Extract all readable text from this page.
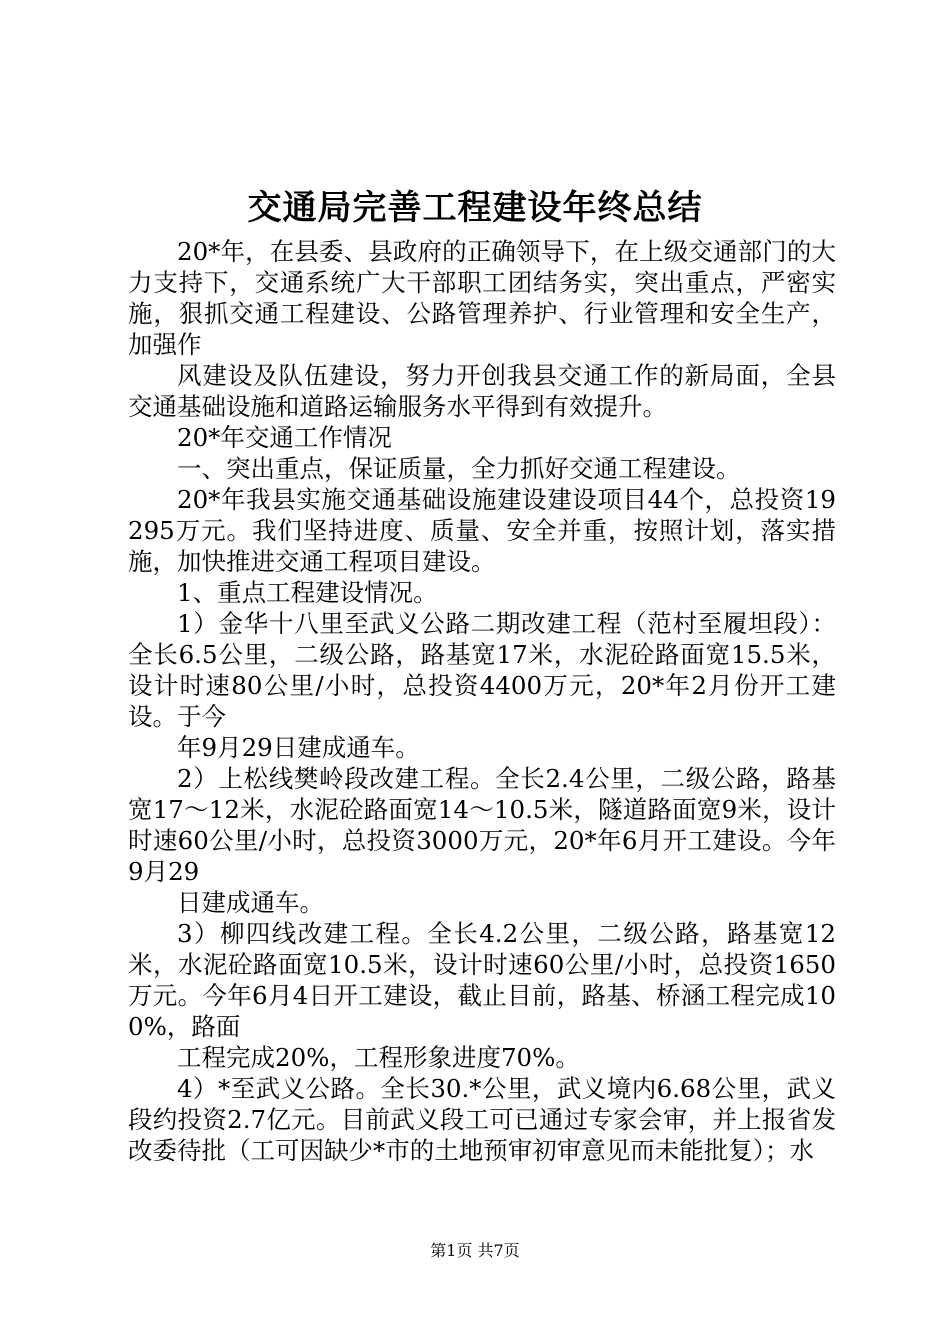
交通局完善工程建设年终总结

20*年，在县委、县政府的正确领导下，在上级交通部门的大力支持下，交通系统广大干部职工团结务实，突出重点，严密实施，狠抓交通工程建设、公路管理养护、行业管理和安全生产，加强作

风建设及队伍建设，努力开创我县交通工作的新局面，全县交通基础设施和道路运输服务水平得到有效提升。

20*年交通工作情况

一、突出重点，保证质量，全力抓好交通工程建设。

20*年我县实施交通基础设施建设建设项目44个，总投资19295万元。我们坚持进度、质量、安全并重，按照计划，落实措施，加快推进交通工程项目建设。

1、重点工程建设情况。

1）金华十八里至武义公路二期改建工程（范村至履坦段）：全长6.5公里，二级公路，路基宽17米，水泥砼路面宽15.5米，设计时速80公里/小时，总投资4400万元，20*年2月份开工建设。于今

年9月29日建成通车。

2）上松线樊岭段改建工程。全长2.4公里，二级公路，路基宽17～12米，水泥砼路面宽14～10.5米，隧道路面宽9米，设计时速60公里/小时，总投资3000万元，20*年6月开工建设。今年9月29

日建成通车。

3）柳四线改建工程。全长4.2公里，二级公路，路基宽12米，水泥砼路面宽10.5米，设计时速60公里/小时，总投资1650万元。今年6月4日开工建设，截止目前，路基、桥涵工程完成100%，路面

工程完成20%，工程形象进度70%。

4）*至武义公路。全长30.*公里，武义境内6.68公里，武义段约投资2.7亿元。目前武义段工可已通过专家会审，并上报省发改委待批（工可因缺少*市的土地预审初审意见而未能批复）；水

第1页 共7页
